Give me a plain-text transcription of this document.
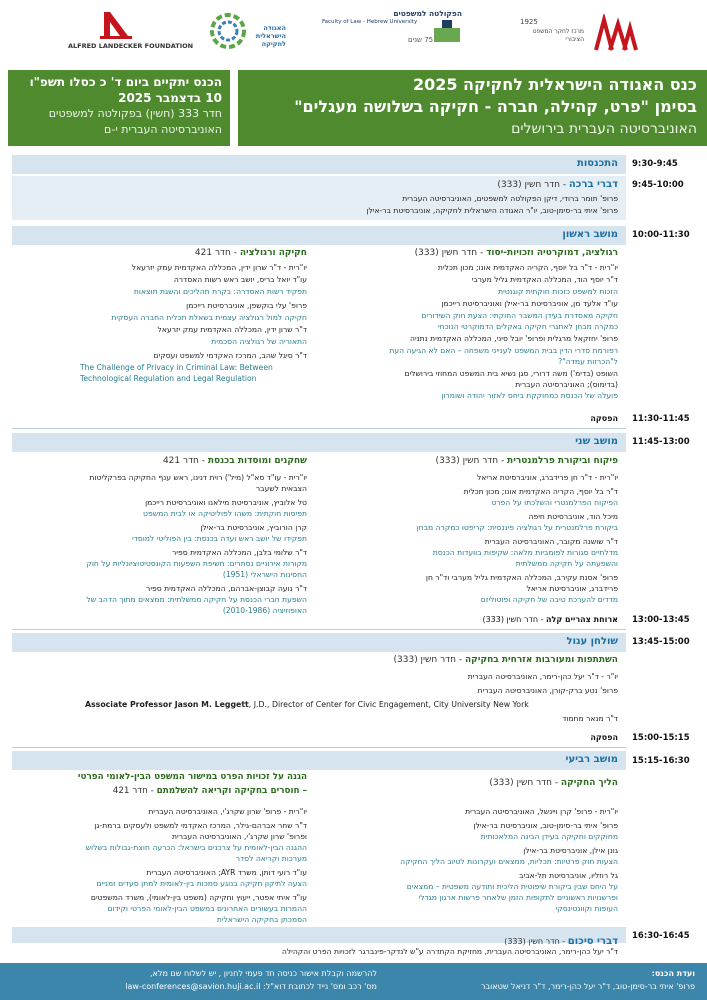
ALFRED LANDECKER FOUNDATION
האגודה הישראלית לחקיקה
הפקולטה למשפטים
Faculty of Law - Hebrew University
75 שנים
1925
מרכז לחקר המשפט הציבורי
כנס האגודה הישראלית לחקיקה 2025
בסימן "פרט, קהילה, חברה - חקיקה בשלושה מעגלים"
האוניברסיטה העברית בירושלים
הכנס יתקיים ביום ד' כ כסלו תשפ"ו
10 בדצמבר 2025
חדר 333 (חשין) בפקולטה למשפטים
האוניברסיטה העברית י-ם
9:30-9:45
התכנסות
9:45-10:00
דברי ברכה - חדר חשין (333)
פרופ' תומר ברודי, דיקן הפקולטה למשפטים, האוניברסיטה העברית
פרופ' איתי בר-סימן-טוב, יו"ר האגודה הישראלית לחקיקה, אוניברסיטת בר-אילן
10:00-11:30
מושב ראשון
רגולציה, דמוקרטיה וזכויות-יסוד - חדר חשין (333)
יו"רית - ד"ר בל יוסף, הקריה האקדמית אונו; מכון תכלית
ד"ר יוסף הוד, המכללה האקדמית גליל מערבי
הזכות למשפט כזכות חוקתית קוגנטית
עו"ד אלעד מן, אוניברסיטת בר-אילן ואוניברסיטת רייכמן
חקיקה מאסדרת בעידן המשבר החוקתי: הצעת חוק השידורים
כמקרה מבחן לאתגרי חקיקה באקלים הדמוקרטי הנוכחי
פרופ' יחזקאל מרגלית ופרופ' יובל סיני, המכללה האקדמית נתניה
רפורמת סדרי הדין בבית המשפט לענייני משפחה – האם לא הגיעה העת
ל"הכרזות עמדה"?
השופט (בדימ') משה דרורי, סגן נשיא בית המשפט המחוזי בירושלים
(בדימוס); האוניברסיטה העברית
פועלה של הכנסת כמחוקקת ביחס לאזור יהודה ושומרון
חקיקה ורגולציה - חדר 421
יו"רית - ד"ר שרון ידין, המכללה האקדמית עמק יזרעאל
עו"ד יואל בריס, יושב ראש רשות האסדרה
תפקיד רשות האסדרה: בקרת תהליכים והשגת תוצאות
פרופ' עלי בוקשפן, אוניברסיטת רייכמן
חקיקה למול רגולציה עצמית בשאלת תכלית החברה העסקית
ד"ר שרון ידין, המכללה האקדמית עמק יזרעאל
התאוריה של רגולציה הסכמית
ד"ר סיגל שהב, המרכז האקדמי למשפט ועסקים
The Challenge of Privacy in Criminal Law: Between
Technological Regulation and Legal Regulation
11:30-11:45
הפסקה
11:45-13:00
מושב שני
פיקוח וביקורת פרלמנטרית - חדר חשין (333)
יו"רית - ד"ר חן פרידברג, אוניברסיטת אריאל
ד"ר בל יוסף, הקריה האקדמית אונו; מכון תכלית
הפיקוח הפרלמנטרי והשלכתו על הפרט
מיכל הוד, אוניברסיטת חיפה
ביקורת פרלמנטרית על רגולציה פיננסית: קריפטו כמקרה מבחן
ד"ר שושנה מקובר, האוניברסיטה העברית
מדלתיים סגורות לפומביות מלאה: שקיפות בוועדות הכנסת
והשפעתה על חקיקה ממשלתית
פרופ' אסנת עקירב, המכללה האקדמית גליל מערבי וד"ר חן
פרידברג, אוניברסיטת אריאל
מדדים להערכת טיבה של חקיקה ופוטוליזם
שחקנים ומוסדות בכנסת - חדר 421
יו"רית - עו"ד סא"ל (מיל') רוית דנינו, ראש ענף החקיקה בפרקליטות
הצבאית לשעבר
טל אלוביץ, אוניברסיטת מילאנו ואוניברסיטת רייכמן
תפיסות חוקתית: משהו לפוליטיקה או לבית המשפט
קרן הורוביץ, אוניברסיטת בר-אילן
תפקידו של יושב ראש ועדה בכנסת: בין הפוליטי למוסדי
ד"ר שלומי בלבן, המכללה האקדמית ספיר
מקורות אירוניים נסתרים: חשיפת השפעות הקונסטיטוציונליות על חוק
החסינות הישראלי (1951)
ד"ר נועה קבוצן-אברהם, המכללה האקדמית ספיר
השפעת חברי הכנסת על חקיקה ממשלתית: ממצאים מתוך הדהב של
האופוזיציה (2010-1986)
13:00-13:45
ארוחת צהריים קלה - חדר חשין (333)
13:45-15:00
שולחן עגול
השתתפות ומעורבות אזרחית בחקיקה - חדר חשין (333)
יו"ר - ד"ר יעל כהן-רימר, האוניברסיטה העברית
פרופ' נטע ברק-קורן, האוניברסיטה העברית
Associate Professor Jason M. Leggett, J.D., Director of Center for Civic Engagement, City University New York
ד"ר מנאר מחמוד
15:00-15:15
הפסקה
15:15-16:30
מושב רביעי
הליך החקיקה - חדר חשין (333)
יו"רית - פרופ' קרן ויינשל, האוניברסיטה העברית
פרופ' איתי בר-סימן-טוב, אוניברסיטת בר-אילן
מחוקקים וחקיקה בעידן הבינה המלאכותית
גונן אילן, אוניברסיטת בר-אילן
הצעות חוק פרטיות: תכליות, ממצאים ועקרונות לטיוב הליך החקיקה
גל רוזליו, אוניברסיטת תל-אביב
על היחס שבין ביקורת שיפוטית הליכית ותודעה משפטית – ממצאים
ופרשנויות ראשוניים לתקופות הזמן שלאחר פרשות ארגון מגדלי
העופות וקוונטינסקי
הגנה על זכויות הפרט במישור המשפט הבין-לאומי הפרטי
– חוסרים בחקיקה וקריאה להשלמתם - חדר 421
יו"רית - פרופ' שרון שקרג'י, האוניברסיטה העברית
ד"ר שחר אברהם-גילר, המרכז האקדמי למשפט ולעסקים ברמת-גן
ופרופ' שרון שקרג'י, האוניברסיטה העברית
ההגנה הבין-לאומית על צרכנים בישראל: הכרעה חוצת-גבולות בשלוש
מערכות וקריאה לסדר
עו"ד רועי דותן, משרד AYR; האוניברסיטה העברית
הצעה לתיקון חקיקה בנוגע סמכות בין-לאומית למתן סעדים זמניים
עו"ד איתי אפטר, ייעוץ וחקיקה (משפט בין-לאומי), משרד המשפטים
ההמרות בעשורים האחרונים במשפט הבין-לאומי הפרטי וקידום
הסמכתן בחקיקה הישראלית
16:30-16:45
דברי סיכום - חדר חשין (333)
ד"ר יעל כהן-רימר, האוניברסיטה העברית, מחזיקת הקתדרה ע"ש לנדקר-פינברגר לזכויות הפרט והקהילה
ועדת הכנס:
פרופ' איתי בר-סימן-טוב, ד"ר יעל כהן-רימר, ד"ר דניאל שטאובר
להרשמה וקבלת אישור כניסה חד פעמי לחניון , יש לשלוח שם מלא,
מס' רכב ומס' נייד לכתובת דוא"ל: law-conferences@savion.huji.ac.il
